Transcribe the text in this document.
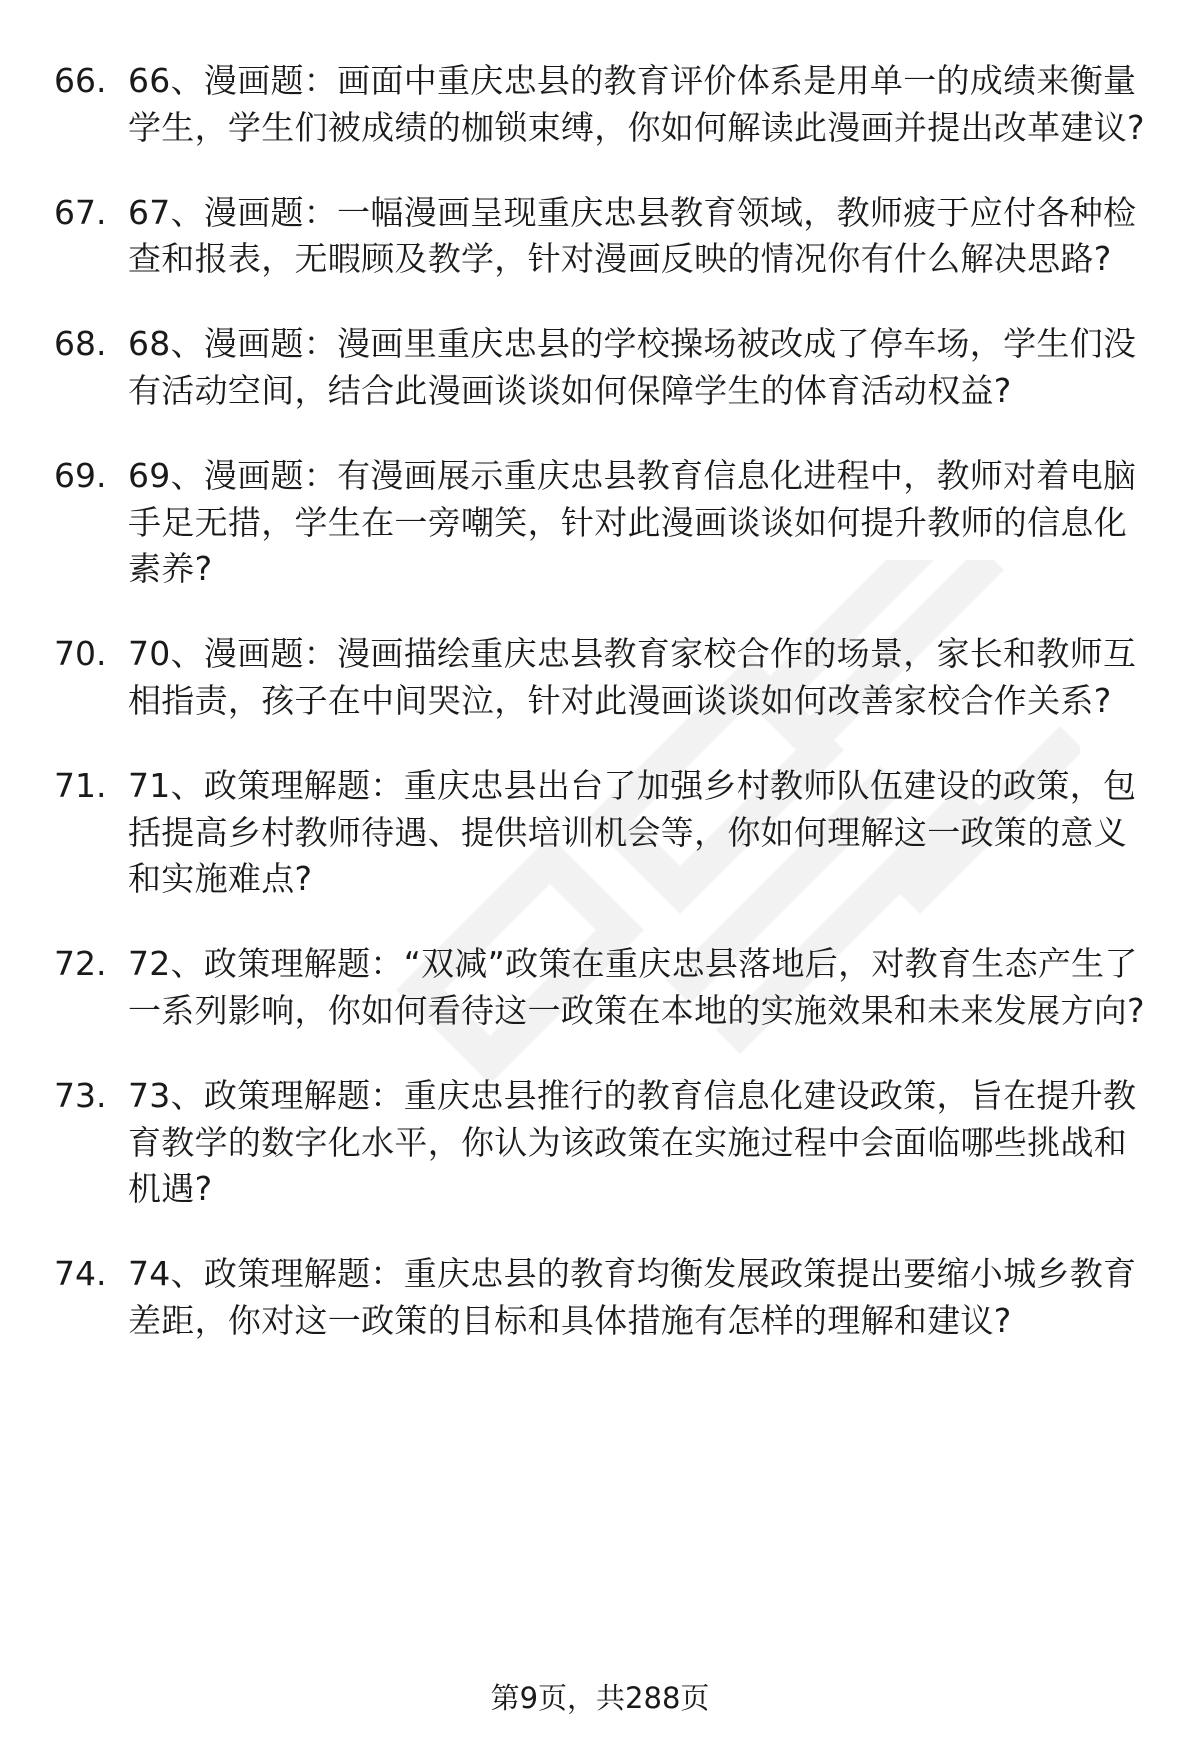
66. 66、漫画题：画面中重庆忠县的教育评价体系是用单一的成绩来衡量学生，学生们被成绩的枷锁束缚，你如何解读此漫画并提出改革建议?
67. 67、漫画题：一幅漫画呈现重庆忠县教育领域，教师疲于应付各种检查和报表，无暇顾及教学，针对漫画反映的情况你有什么解决思路?
68. 68、漫画题：漫画里重庆忠县的学校操场被改成了停车场，学生们没有活动空间，结合此漫画谈谈如何保障学生的体育活动权益?
69. 69、漫画题：有漫画展示重庆忠县教育信息化进程中，教师对着电脑手足无措，学生在一旁嘲笑，针对此漫画谈谈如何提升教师的信息化素养?
70. 70、漫画题：漫画描绘重庆忠县教育家校合作的场景，家长和教师互相指责，孩子在中间哭泣，针对此漫画谈谈如何改善家校合作关系?
71. 71、政策理解题：重庆忠县出台了加强乡村教师队伍建设的政策，包括提高乡村教师待遇、提供培训机会等，你如何理解这一政策的意义和实施难点?
72. 72、政策理解题：“双减”政策在重庆忠县落地后，对教育生态产生了一系列影响，你如何看待这一政策在本地的实施效果和未来发展方向?
73. 73、政策理解题：重庆忠县推行的教育信息化建设政策，旨在提升教育教学的数字化水平，你认为该政策在实施过程中会面临哪些挑战和机遇?
74. 74、政策理解题：重庆忠县的教育均衡发展政策提出要缩小城乡教育差距，你对这一政策的目标和具体措施有怎样的理解和建议?
第9页，共288页
